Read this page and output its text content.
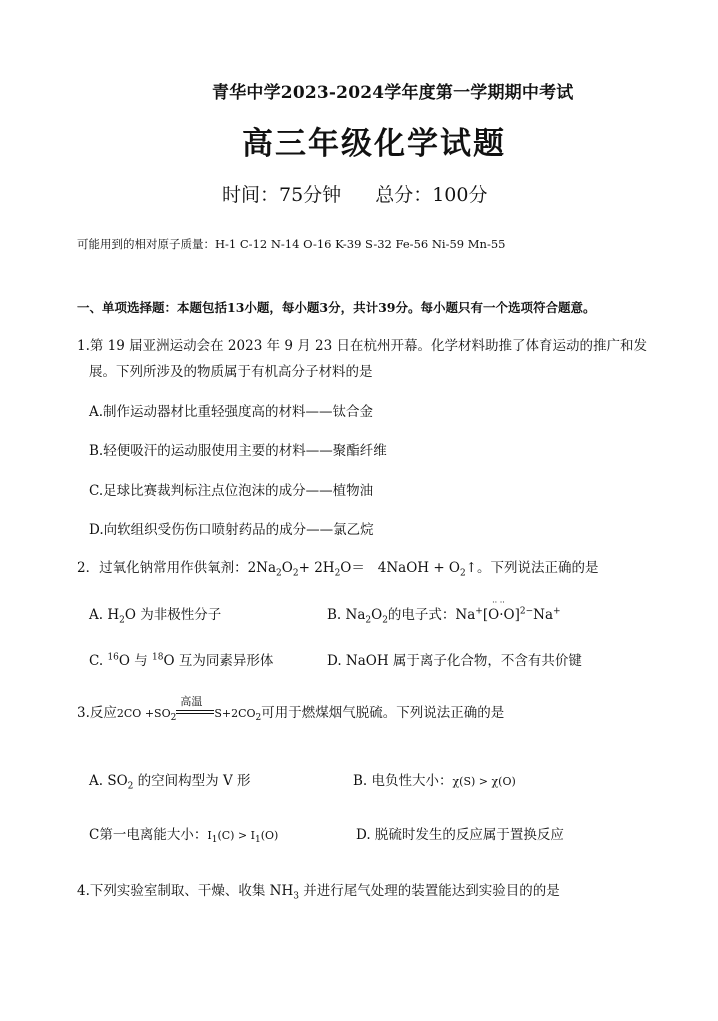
青华中学2023-2024学年度第一学期期中考试
高三年级化学试题
时间：75分钟 总分：100分
可能用到的相对原子质量：H-1 C-12 N-14 O-16 K-39 S-32 Fe-56 Ni-59 Mn-55
一、单项选择题：本题包括13小题，每小题3分，共计39分。每小题只有一个选项符合题意。
1.第 19 届亚洲运动会在 2023 年 9 月 23 日在杭州开幕。化学材料助推了体育运动的推广和发
展。下列所涉及的物质属于有机高分子材料的是
A.制作运动器材比重轻强度高的材料——钛合金
B.轻便吸汗的运动服使用主要的材料——聚酯纤维
C.足球比赛裁判标注点位泡沫的成分——植物油
D.向软组织受伤伤口喷射药品的成分——氯乙烷
2．过氧化钠常用作供氧剂：$2Na_2O_2+ 2H_2O=$   4NaOH + $O_2↑$。下列说法正确的是
A. $H_2O$ 为非极性分子	B. $Na_2O_2$的电子式：$Na^+[\cdot\cdot \cdot\cdot O\cdot O]^{2-}Na^+$
C. $^{16}$O 与 $^{18}$O 互为同素异形体	D. NaOH 属于离子化合物，不含有共价键
3.反应$2CO +SO_2$
高温
$S+2CO_2$可用于燃煤烟气脱硫。下列说法正确的是
A. $SO_2$ 的空间构型为 V 形	B. 电负性大小：χ(S) > χ(O)
C第一电离能大小：$I_1(C) > I_1(O)$	D. 脱硫时发生的反应属于置换反应
4.下列实验室制取、干燥、收集 $NH_3$ 并进行尾气处理的装置能达到实验目的的是
